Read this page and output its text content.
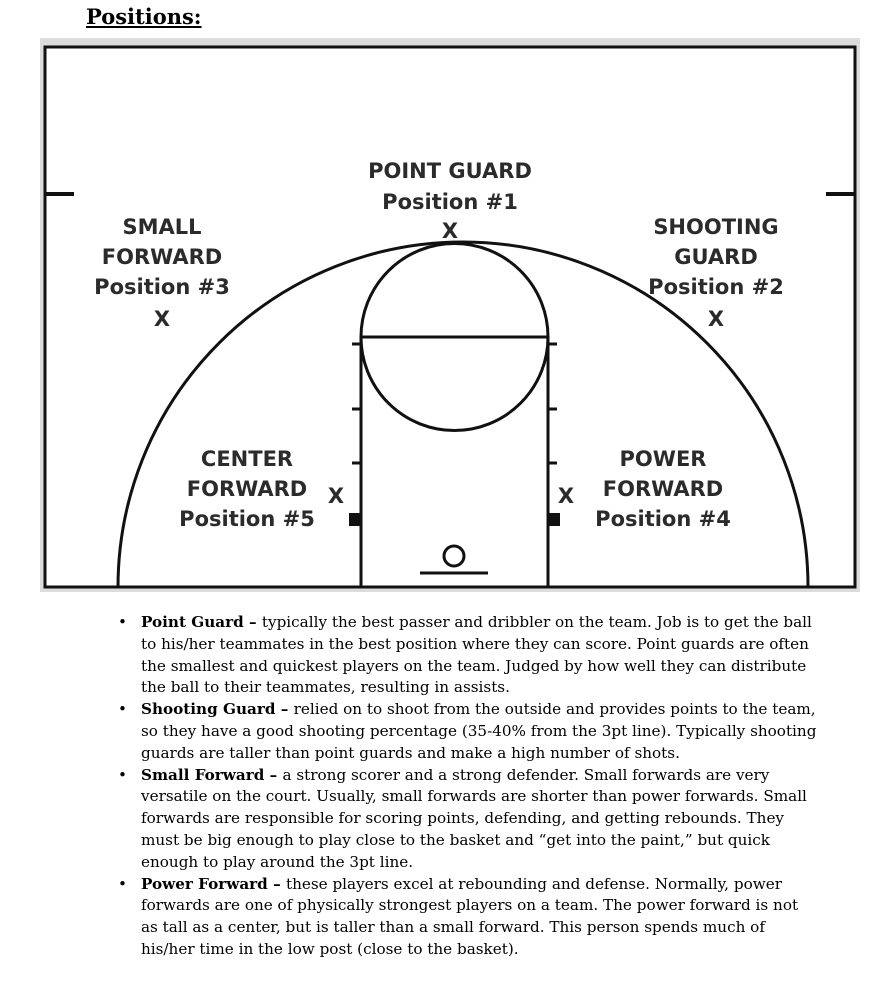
Positions:
POINT GUARD
Position #1
X	SHOOTING
GUARD
Position #2
X
SMALL
FORWARD
Position #3
X
CENTER
FORWARD
Position #5
X
POWER
FORWARD
Position #4
X
• Point Guard – typically the best passer and dribbler on the team. Job is to get the ball to his/her teammates in the best position where they can score. Point guards are often the smallest and quickest players on the team. Judged by how well they can distribute the ball to their teammates, resulting in assists.
• Shooting Guard – relied on to shoot from the outside and provides points to the team, so they have a good shooting percentage (35-40% from the 3pt line). Typically shooting guards are taller than point guards and make a high number of shots.
• Small Forward – a strong scorer and a strong defender. Small forwards are very versatile on the court. Usually, small forwards are shorter than power forwards. Small forwards are responsible for scoring points, defending, and getting rebounds. They must be big enough to play close to the basket and “get into the paint,” but quick enough to play around the 3pt line.
• Power Forward – these players excel at rebounding and defense. Normally, power forwards are one of physically strongest players on a team. The power forward is not as tall as a center, but is taller than a small forward. This person spends much of his/her time in the low post (close to the basket).
